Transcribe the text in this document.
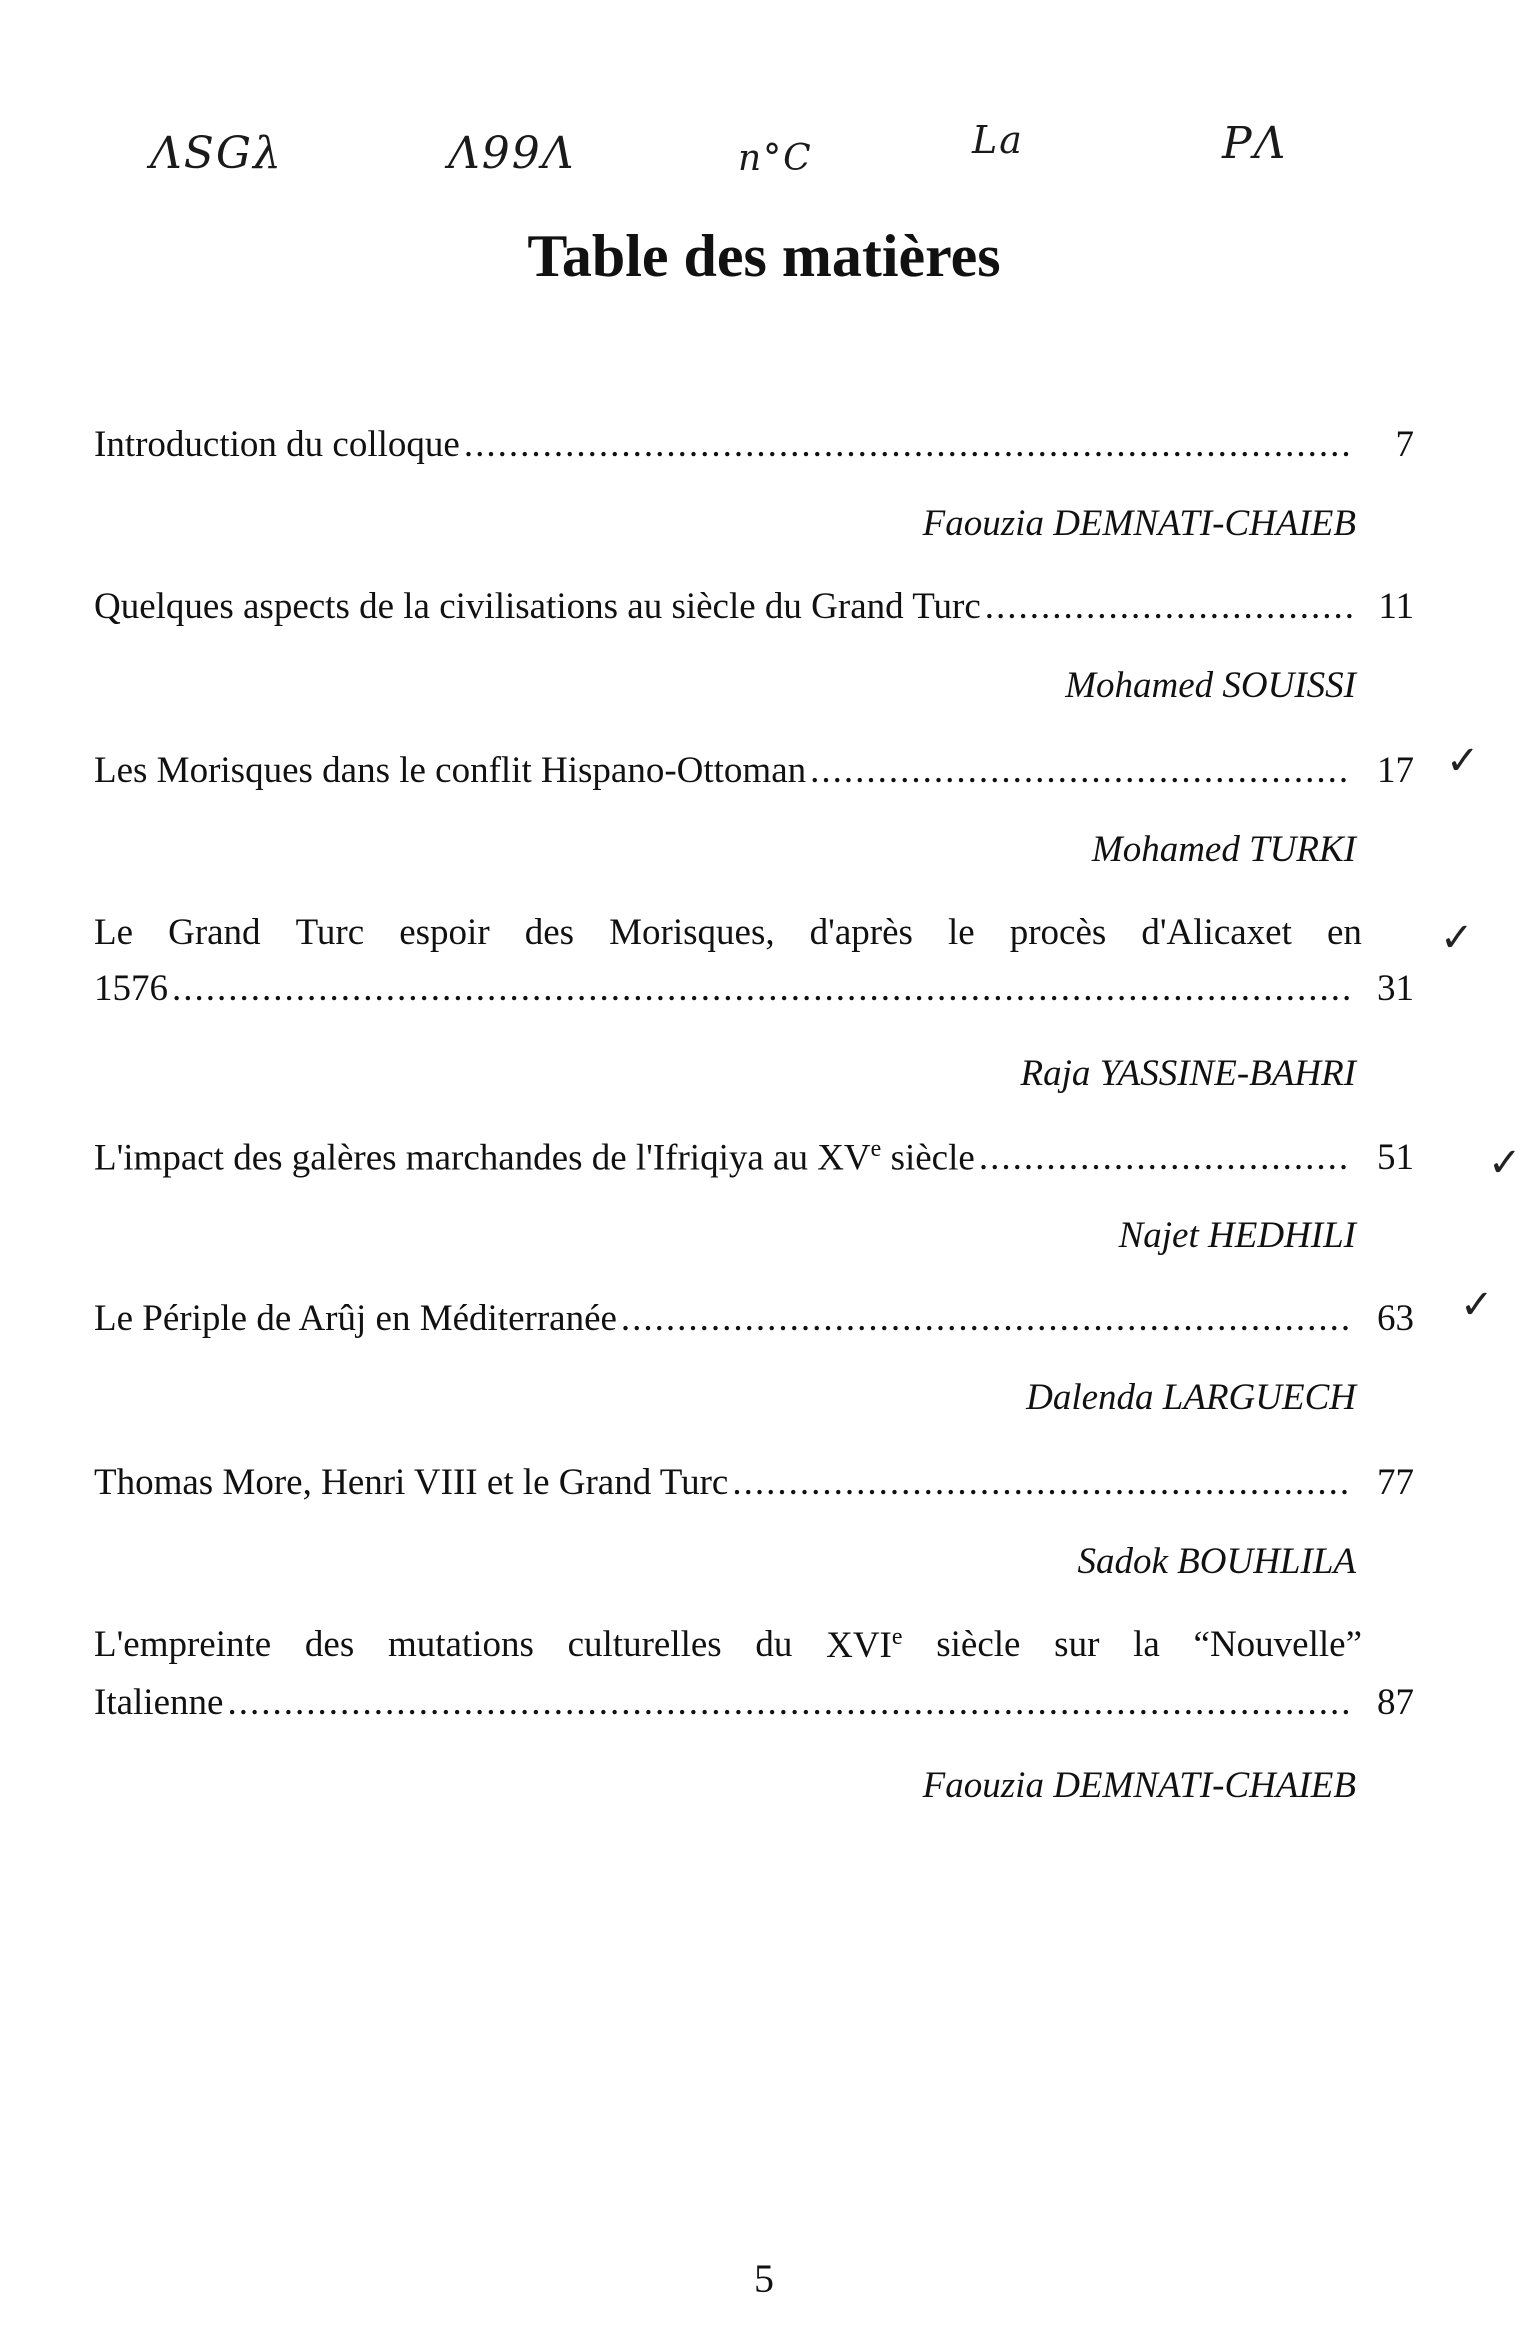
ΛSGλ	Λ99Λ	n°C	La	PΛ
Table des matières
Introduction du colloque .....	7
Faouzia DEMNATI-CHAIEB
Quelques aspects de la civilisations au siècle du Grand Turc .....	11
Mohamed SOUISSI
Les Morisques dans le conflit Hispano-Ottoman .....	17
Mohamed TURKI
✓
Le Grand Turc espoir des Morisques, d'après le procès d'Alicaxet en
1576 .....	31
Raja YASSINE-BAHRI
✓
L'impact des galères marchandes de l'Ifriqiya au XVe siècle .....	51
Najet HEDHILI
✓
Le Périple de Arûj en Méditerranée .....	63
Dalenda LARGUECH
✓
Thomas More, Henri VIII et le Grand Turc .....	77
Sadok BOUHLILA
L'empreinte des mutations culturelles du XVIe siècle sur la “Nouvelle”
Italienne .....	87
Faouzia DEMNATI-CHAIEB
5
